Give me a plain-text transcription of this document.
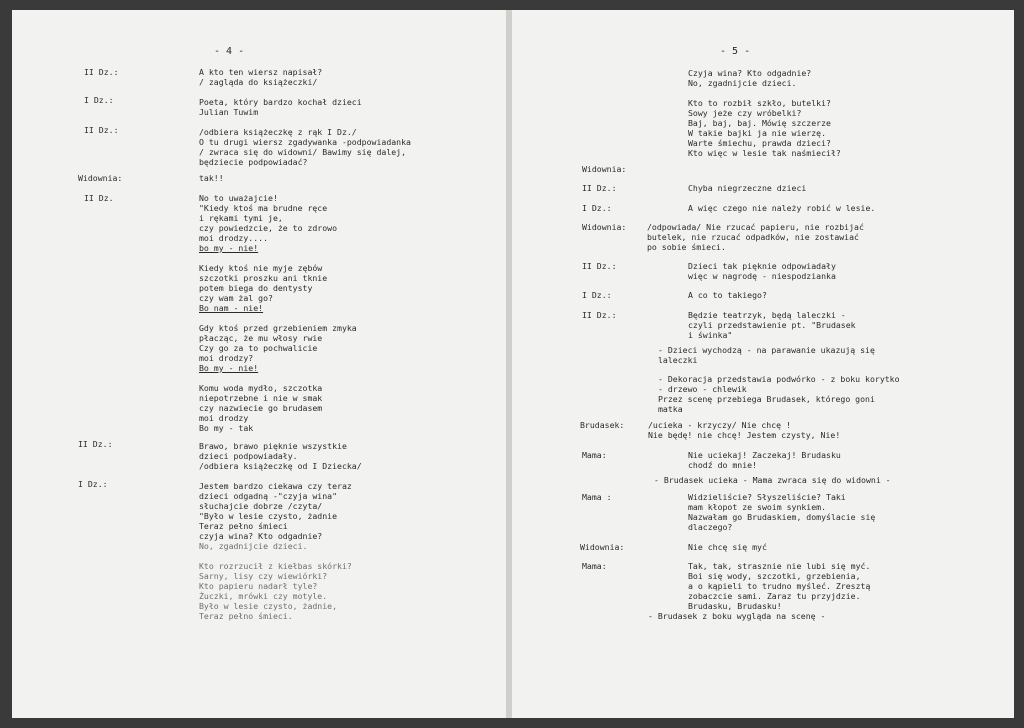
- 4 -
II Dz.:	A kto ten wiersz napisał?
/ zagląda do książeczki/
I Dz.:	Poeta, który bardzo kochał dzieci
Julian Tuwim
II Dz.:	/odbiera książeczkę z rąk I Dz./
O tu drugi wiersz zgadywanka -podpowiadanka
/ zwraca się do widowni/ Bawimy się dalej,
będziecie podpowiadać?
Widownia:	tak!!
II Dz.	No to uważajcie!
"Kiedy ktoś ma brudne ręce
i rękami tymi je,
czy powiedzcie, że to zdrowo
moi drodzy....
bo my - nie!

Kiedy ktoś nie myje zębów
szczotki proszku ani tknie
potem biega do dentysty
czy wam żal go?
Bo nam - nie!

Gdy ktoś przed grzebieniem zmyka
płacząc, że mu włosy rwie
Czy go za to pochwalicie
moi drodzy?
Bo my - nie!

Komu woda mydło, szczotka
niepotrzebne i nie w smak
czy nazwiecie go brudasem
moi drodzy
Bo my - tak
II Dz.:	Brawo, brawo pięknie wszystkie
dzieci podpowiadały.
/odbiera książeczkę od I Dziecka/
I Dz.:	Jestem bardzo ciekawa czy teraz
dzieci odgadną -"czyja wina"
słuchajcie dobrze /czyta/
"Było w lesie czysto, żadnie
Teraz pełno śmieci
czyja wina? Kto odgadnie?
No, zgadnijcie dzieci.

Kto rozrzucił z kiełbas skórki?
Sarny, lisy czy wiewiórki?
Kto papieru nadarł tyle?
Żuczki, mrówki czy motyle.
Było w lesie czysto, żadnie,
Teraz pełno śmieci.
- 5 -
Czyja wina? Kto odgadnie?
No, zgadnijcie dzieci.

Kto to rozbił szkło, butelki?
Sowy jeże czy wróbelki?
Baj, baj, baj. Mówię szczerze
W takie bajki ja nie wierzę.
Warte śmiechu, prawda dzieci?
Kto więc w lesie tak naśmiecił?
Widownia:
II Dz.:	Chyba niegrzeczne dzieci
I Dz.:	A więc czego nie należy robić w lesie.
Widownia:	/odpowiada/ Nie rzucać papieru, nie rozbijać
butelek, nie rzucać odpadków, nie zostawiać
po sobie śmieci.
II Dz.:	Dzieci tak pięknie odpowiadały
więc w nagrodę - niespodzianka
I Dz.:	A co to takiego?
II Dz.:	Będzie teatrzyk, będą laleczki -
czyli przedstawienie pt. "Brudasek
i świnka"
- Dzieci wychodzą - na parawanie ukazują się
laleczki
- Dekoracja przedstawia podwórko - z boku korytko
- drzewo - chlewik
Przez scenę przebiega Brudasek, którego goni
matka
Brudasek:	/ucieka - krzyczy/ Nie chcę !
Nie będę! nie chcę! Jestem czysty, Nie!
Mama:	Nie uciekaj! Zaczekaj! Brudasku
chodź do mnie!
- Brudasek ucieka - Mama zwraca się do widowni -
Mama :	Widzieliście? Słyszeliście? Taki
mam kłopot ze swoim synkiem.
Nazwałam go Brudaskiem, domyślacie się
dlaczego?
Widownia:	Nie chcę się myć
Mama:	Tak, tak, strasznie nie lubi się myć.
Boi się wody, szczotki, grzebienia,
a o kąpieli to trudno myśleć. Zresztą
zobaczcie sami. Zaraz tu przyjdzie.
Brudasku, Brudasku!
- Brudasek z boku wygląda na scenę -
